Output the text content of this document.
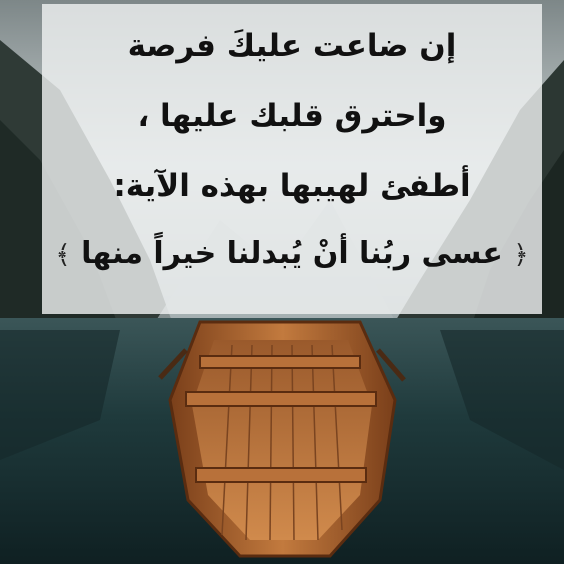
إن ضاعت عليكَ فرصة
واحترق قلبك عليها ،
أطفئ لهيبها بهذه الآية:
﴿ عسى ربُنا أنْ يُبدلنا خيراً منها ﴾
